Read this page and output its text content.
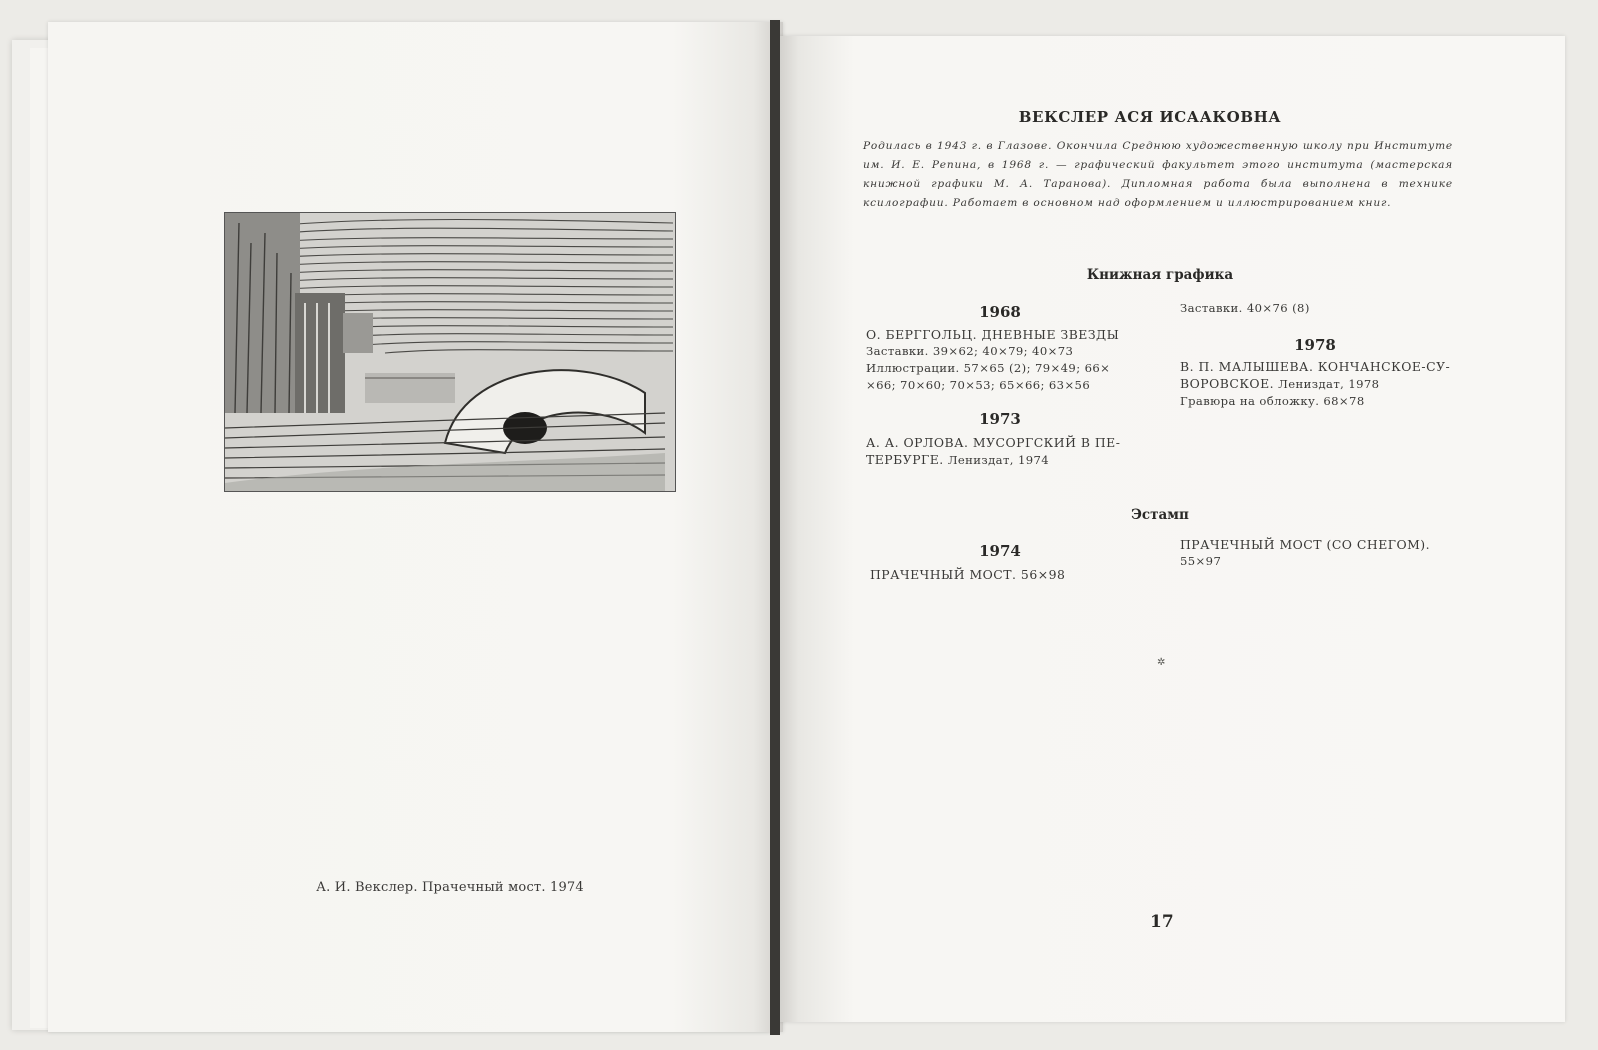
А. И. Векслер. Прачечный мост. 1974
ВЕКСЛЕР АСЯ ИСААКОВНА
Родилась в 1943 г. в Глазове. Окончила Среднюю художественную школу при Институте им. И. Е. Репина, в 1968 г. — графический факультет этого института (мастерская книжной графики М. А. Таранова). Дипломная работа была выполнена в технике ксилографии. Работает в основном над оформлением и иллюстрированием книг.
Книжная графика
1968
О. БЕРГГОЛЬЦ. ДНЕВНЫЕ ЗВЕЗДЫ
Заставки. 39×62; 40×79; 40×73
Иллюстрации. 57×65 (2); 79×49; 66×
×66; 70×60; 70×53; 65×66; 63×56
1973
А. А. ОРЛОВА. МУСОРГСКИЙ В ПЕ-
ТЕРБУРГЕ. Лениздат, 1974
Заставки. 40×76 (8)
1978
В. П. МАЛЫШЕВА. КОНЧАНСКОЕ-СУ-
ВОРОВСКОЕ. Лениздат, 1978
Гравюра на обложку. 68×78
Эстамп
1974
ПРАЧЕЧНЫЙ МОСТ. 56×98
ПРАЧЕЧНЫЙ МОСТ (СО СНЕГОМ).
55×97
✲
17
